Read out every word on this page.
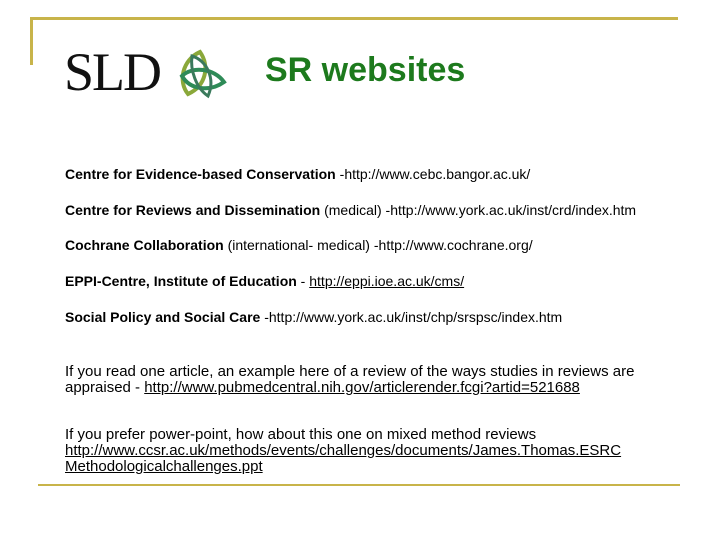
SLD	SR websites
Centre for Evidence-based Conservation -http://www.cebc.bangor.ac.uk/
Centre for Reviews and Dissemination (medical) -http://www.york.ac.uk/inst/crd/index.htm
Cochrane Collaboration (international- medical) -http://www.cochrane.org/
EPPI-Centre, Institute of Education - http://eppi.ioe.ac.uk/cms/
Social Policy and Social Care -http://www.york.ac.uk/inst/chp/srspsc/index.htm
If you read one article, an example here of a review of the ways studies in reviews are appraised - http://www.pubmedcentral.nih.gov/articlerender.fcgi?artid=521688
If you prefer power-point, how about this one on mixed method reviews http://www.ccsr.ac.uk/methods/events/challenges/documents/James.Thomas.ESRC Methodologicalchallenges.ppt
